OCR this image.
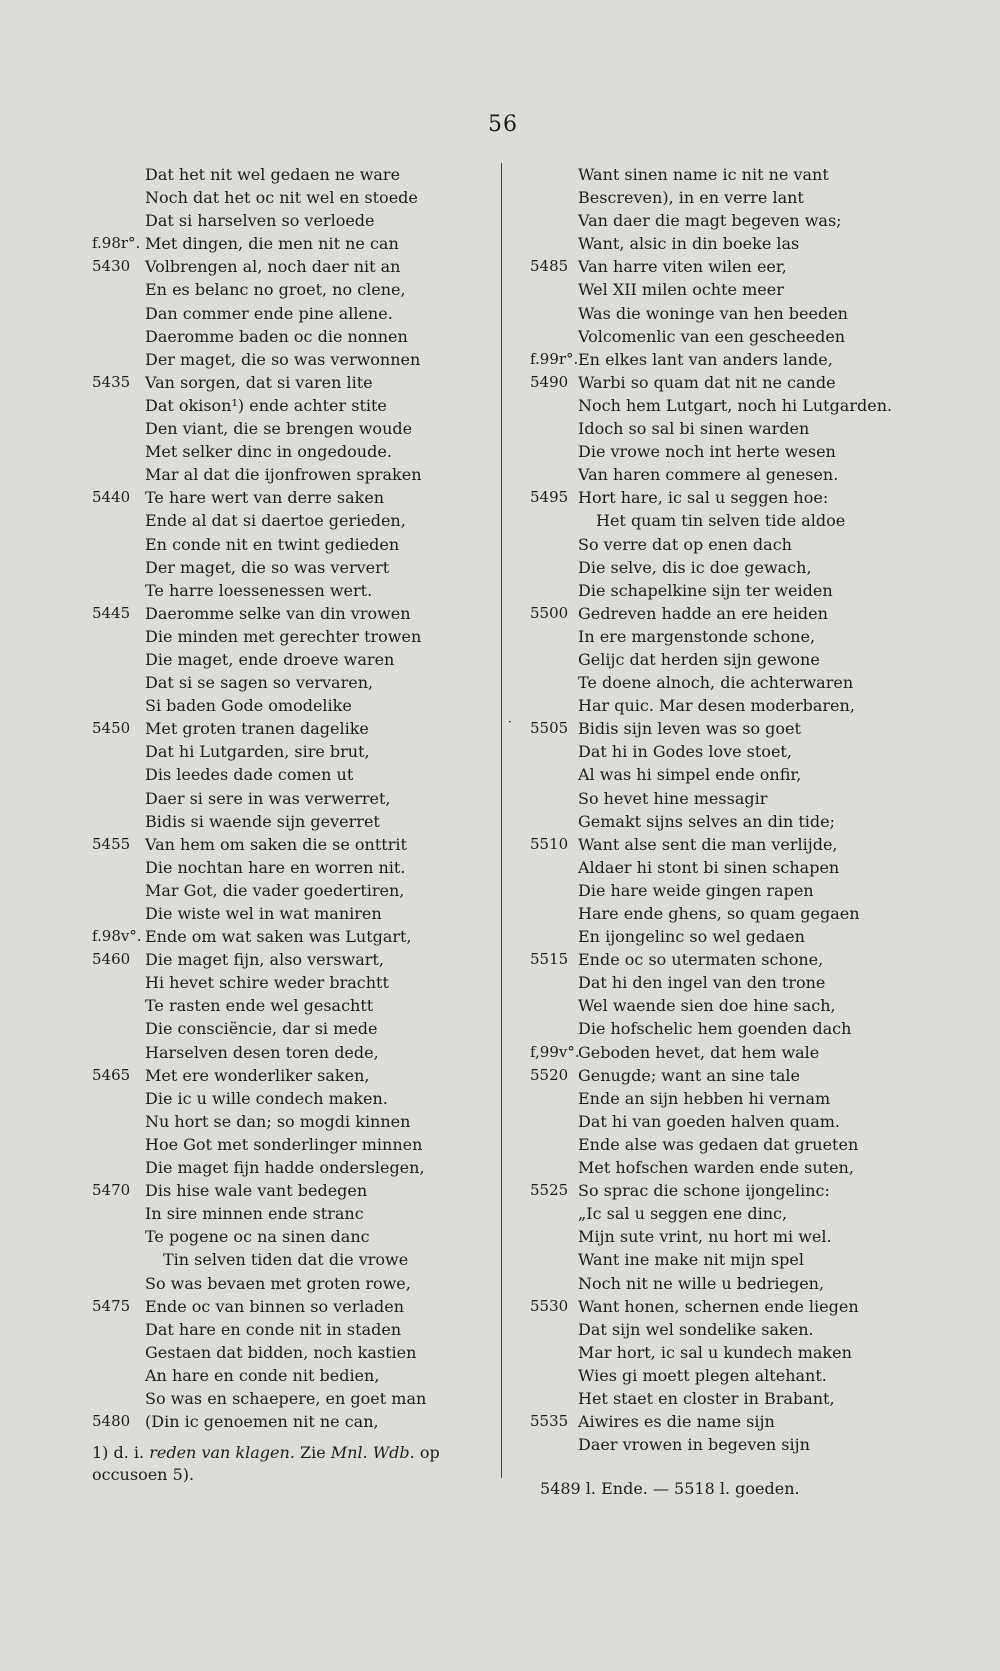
56
Dat het nit wel gedaen ne ware
Noch dat het oc nit wel en stoede
Dat si harselven so verloede
f.98r°. Met dingen, die men nit ne can
5430 Volbrengen al, noch daer nit an
En es belanc no groet, no clene,
Dan commer ende pine allene.
Daeromme baden oc die nonnen
Der maget, die so was verwonnen
5435 Van sorgen, dat si varen lite
Dat okison¹) ende achter stite
Den viant, die se brengen woude
Met selker dinc in ongedoude.
Mar al dat die ijonfrowen spraken
5440 Te hare wert van derre saken
Ende al dat si daertoe gerieden,
En conde nit en twint gedieden
Der maget, die so was ververt
Te harre loessenessen wert.
5445 Daeromme selke van din vrowen
Die minden met gerechter trowen
Die maget, ende droeve waren
Dat si se sagen so vervaren,
Si baden Gode omodelike
5450 Met groten tranen dagelike
Dat hi Lutgarden, sire brut,
Dis leedes dade comen ut
Daer si sere in was verwerret,
Bidis si waende sijn geverret
5455 Van hem om saken die se onttrit
Die nochtan hare en worren nit.
Mar Got, die vader goedertiren,
Die wiste wel in wat maniren
f.98v°. Ende om wat saken was Lutgart,
5460 Die maget fijn, also verswart,
Hi hevet schire weder brachtt
Te rasten ende wel gesachtt
Die consciëncie, dar si mede
Harselven desen toren dede,
5465 Met ere wonderliker saken,
Die ic u wille condech maken.
Nu hort se dan; so mogdi kinnen
Hoe Got met sonderlinger minnen
Die maget fijn hadde onderslegen,
5470 Dis hise wale vant bedegen
In sire minnen ende stranc
Te pogene oc na sinen danc
Tin selven tiden dat die vrowe
So was bevaen met groten rowe,
5475 Ende oc van binnen so verladen
Dat hare en conde nit in staden
Gestaen dat bidden, noch kastien
An hare en conde nit bedien,
So was en schaepere, en goet man
5480 (Din ic genoemen nit ne can,
Want sinen name ic nit ne vant
Bescreven), in en verre lant
Van daer die magt begeven was;
Want, alsic in din boeke las
5485 Van harre viten wilen eer,
Wel XII milen ochte meer
Was die woninge van hen beeden
Volcomenlic van een gescheeden
f.99r°. En elkes lant van anders lande,
5490 Warbi so quam dat nit ne cande
Noch hem Lutgart, noch hi Lutgarden.
Idoch so sal bi sinen warden
Die vrowe noch int herte wesen
Van haren commere al genesen.
5495 Hort hare, ic sal u seggen hoe:
Het quam tin selven tide aldoe
So verre dat op enen dach
Die selve, dis ic doe gewach,
Die schapelkine sijn ter weiden
5500 Gedreven hadde an ere heiden
In ere margenstonde schone,
Gelijc dat herden sijn gewone
Te doene alnoch, die achterwaren
Har quic. Mar desen moderbaren,
5505 Bidis sijn leven was so goet
Dat hi in Godes love stoet,
Al was hi simpel ende onfir,
So hevet hine messagir
Gemakt sijns selves an din tide;
5510 Want alse sent die man verlijde,
Aldaer hi stont bi sinen schapen
Die hare weide gingen rapen
Hare ende ghens, so quam gegaen
En ijongelinc so wel gedaen
5515 Ende oc so utermaten schone,
Dat hi den ingel van den trone
Wel waende sien doe hine sach,
Die hofschelic hem goenden dach
f,99v°.
Geboden hevet, dat hem wale
5520 Genugde; want an sine tale
Ende an sijn hebben hi vernam
Dat hi van goeden halven quam.
Ende alse was gedaen dat grueten
Met hofschen warden ende suten,
5525 So sprac die schone ijongelinc:
„Ic sal u seggen ene dinc,
Mijn sute vrint, nu hort mi wel.
Want ine make nit mijn spel
Noch nit ne wille u bedriegen,
5530 Want honen, schernen ende liegen
Dat sijn wel sondelike saken.
Mar hort, ic sal u kundech maken
Wies gi moett plegen altehant.
Het staet en closter in Brabant,
5535 Aiwires es die name sijn
Daer vrowen in begeven sijn
·
1) d. i. reden van klagen. Zie Mnl. Wdb. op occusoen 5).
5489 l. Ende. — 5518 l. goeden.
